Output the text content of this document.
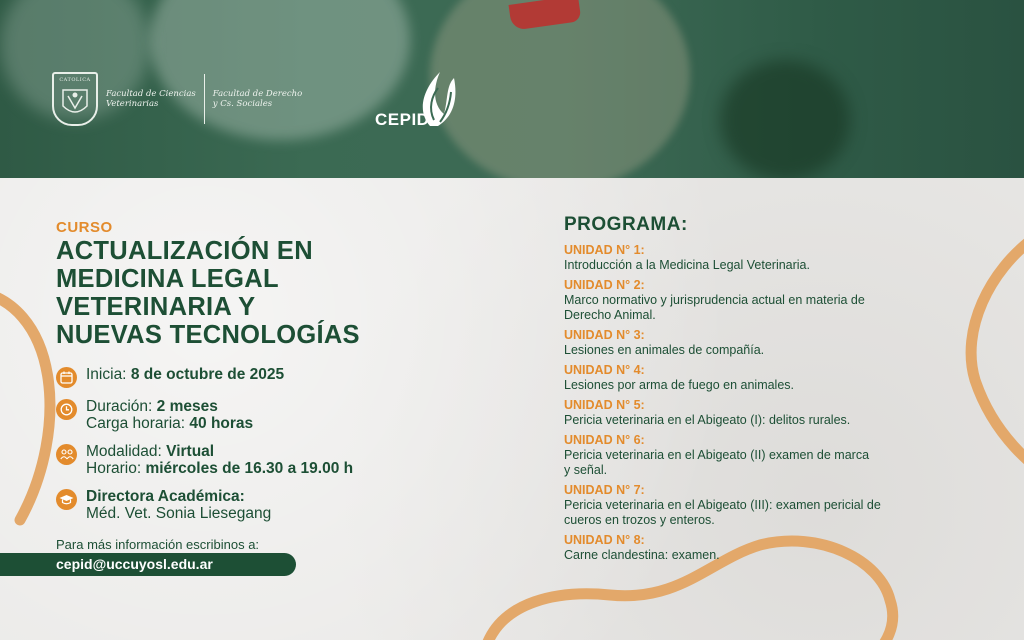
CATOLICA
Facultad de Ciencias
Veterinarias
Facultad de Derecho
y Cs. Sociales
CEPID
CURSO
ACTUALIZACIÓN EN
MEDICINA LEGAL
VETERINARIA Y
NUEVAS TECNOLOGÍAS
Inicia: 8 de octubre de 2025
Duración: 2 meses
Carga horaria: 40 horas
Modalidad: Virtual
Horario: miércoles de 16.30 a 19.00 h
Directora Académica:
Méd. Vet. Sonia Liesegang
Para más información escribinos a:
cepid@uccuyosl.edu.ar
PROGRAMA:
UNIDAD N° 1:
Introducción a la Medicina Legal Veterinaria.
UNIDAD N° 2:
Marco normativo y jurisprudencia actual en materia de
Derecho Animal.
UNIDAD N° 3:
Lesiones en animales de compañía.
UNIDAD N° 4:
Lesiones por arma de fuego en animales.
UNIDAD N° 5:
Pericia veterinaria en el Abigeato (I): delitos rurales.
UNIDAD N° 6:
Pericia veterinaria en el Abigeato (II) examen de marca
y señal.
UNIDAD N° 7:
Pericia veterinaria en el Abigeato (III): examen pericial de
cueros en trozos y enteros.
UNIDAD N° 8:
Carne clandestina: examen.
